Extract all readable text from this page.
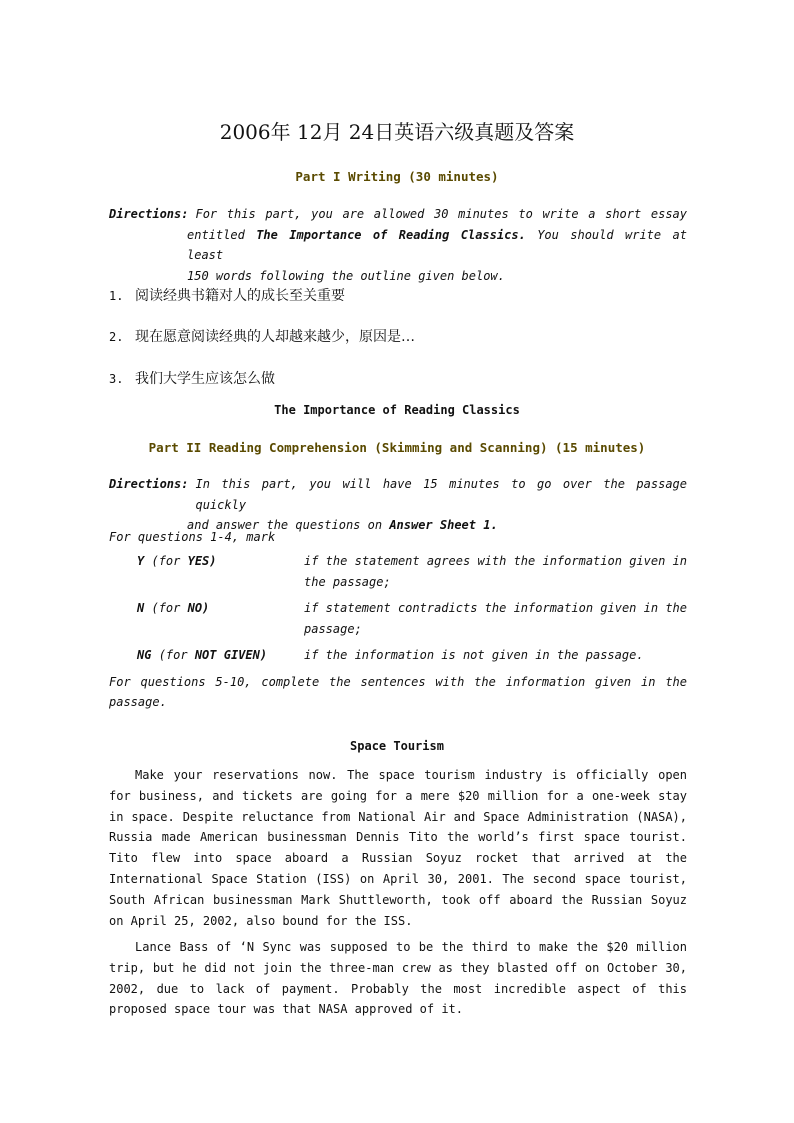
2006年 12月 24日英语六级真题及答案
Part I Writing (30 minutes)
Directions: For this part, you are allowed 30 minutes to write a short essay
entitled The Importance of Reading Classics. You should write at least
150 words following the outline given below.
1. 阅读经典书籍对人的成长至关重要
2. 现在愿意阅读经典的人却越来越少，原因是…
3. 我们大学生应该怎么做
The Importance of Reading Classics
Part II Reading Comprehension (Skimming and Scanning) (15 minutes)
Directions: In this part, you will have 15 minutes to go over the passage quickly
and answer the questions on Answer Sheet 1.
For questions 1-4, mark
Y (for YES)	if the statement agrees with the information given in
the passage;
N (for NO)	if statement contradicts the information given in the
passage;
NG (for NOT GIVEN)	if the information is not given in the passage.
For questions 5-10, complete the sentences with the information given in the
passage.
Space Tourism

Make your reservations now. The space tourism industry is officially open for business, and tickets are going for a mere $20 million for a one-week stay in space. Despite reluctance from National Air and Space Administration (NASA), Russia made American businessman Dennis Tito the world’s first space tourist. Tito flew into space aboard a Russian Soyuz rocket that arrived at the International Space Station (ISS) on April 30, 2001. The second space tourist, South African businessman Mark Shuttleworth, took off aboard the Russian Soyuz on April 25, 2002, also bound for the ISS.

Lance Bass of ‘N Sync was supposed to be the third to make the $20 million trip, but he did not join the three-man crew as they blasted off on October 30, 2002, due to lack of payment. Probably the most incredible aspect of this proposed space tour was that NASA approved of it.
